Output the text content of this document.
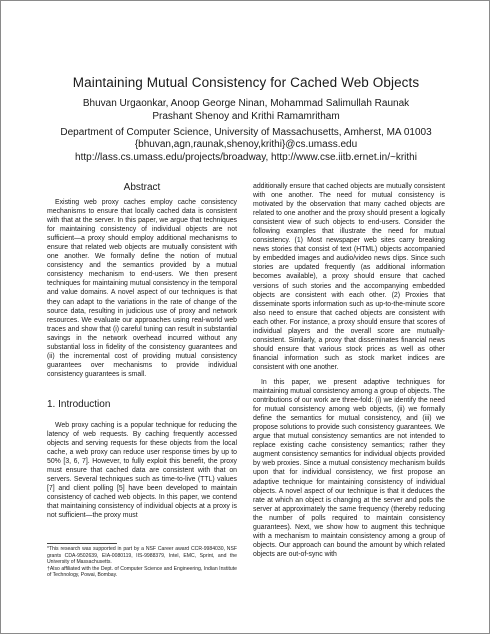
Maintaining Mutual Consistency for Cached Web Objects
Bhuvan Urgaonkar, Anoop George Ninan, Mohammad Salimullah Raunak
Prashant Shenoy and Krithi Ramamritham
Department of Computer Science, University of Massachusetts, Amherst, MA 01003
{bhuvan,agn,raunak,shenoy,krithi}@cs.umass.edu
http://lass.cs.umass.edu/projects/broadway, http://www.cse.iitb.ernet.in/~krithi
Abstract

Existing web proxy caches employ cache consistency mechanisms to ensure that locally cached data is consistent with that at the server. In this paper, we argue that techniques for maintaining consistency of individual objects are not sufficient—a proxy should employ additional mechanisms to ensure that related web objects are mutually consistent with one another. We formally define the notion of mutual consistency and the semantics provided by a mutual consistency mechanism to end-users. We then present techniques for maintaining mutual consistency in the temporal and value domains. A novel aspect of our techniques is that they can adapt to the variations in the rate of change of the source data, resulting in judicious use of proxy and network resources. We evaluate our approaches using real-world web traces and show that (i) careful tuning can result in substantial savings in the network overhead incurred without any substantial loss in fidelity of the consistency guarantees and (ii) the incremental cost of providing mutual consistency guarantees over mechanisms to provide individual consistency guarantees is small.

1. Introduction

Web proxy caching is a popular technique for reducing the latency of web requests. By caching frequently accessed objects and serving requests for these objects from the local cache, a web proxy can reduce user response times by up to 50% [3, 6, 7]. However, to fully exploit this benefit, the proxy must ensure that cached data are consistent with that on servers. Several techniques such as time-to-live (TTL) values [7] and client polling [5] have been developed to maintain consistency of cached web objects. In this paper, we contend that maintaining consistency of individual objects at a proxy is not sufficient—the proxy must

*This research was supported in part by a NSF Career award CCR-9984030, NSF grants CDA-9502639, EIA-0080119, IIS-9988379, Intel, EMC, Sprint, and the University of Massachusetts.

†Also affiliated with the Dept. of Computer Science and Engineering, Indian Institute of Technology, Powai, Bombay.

additionally ensure that cached objects are mutually consistent with one another. The need for mutual consistency is motivated by the observation that many cached objects are related to one another and the proxy should present a logically consistent view of such objects to end-users. Consider the following examples that illustrate the need for mutual consistency. (1) Most newspaper web sites carry breaking news stories that consist of text (HTML) objects accompanied by embedded images and audio/video news clips. Since such stories are updated frequently (as additional information becomes available), a proxy should ensure that cached versions of such stories and the accompanying embedded objects are consistent with each other. (2) Proxies that disseminate sports information such as up-to-the-minute score also need to ensure that cached objects are consistent with each other. For instance, a proxy should ensure that scores of individual players and the overall score are mutually-consistent. Similarly, a proxy that disseminates financial news should ensure that various stock prices as well as other financial information such as stock market indices are consistent with one another.

In this paper, we present adaptive techniques for maintaining mutual consistency among a group of objects. The contributions of our work are three-fold: (i) we identify the need for mutual consistency among web objects, (ii) we formally define the semantics for mutual consistency, and (iii) we propose solutions to provide such consistency guarantees. We argue that mutual consistency semantics are not intended to replace existing cache consistency semantics; rather they augment consistency semantics for individual objects provided by web proxies. Since a mutual consistency mechanism builds upon that for individual consistency, we first propose an adaptive technique for maintaining consistency of individual objects. A novel aspect of our technique is that it deduces the rate at which an object is changing at the server and polls the server at approximately the same frequency (thereby reducing the number of polls required to maintain consistency guarantees). Next, we show how to augment this technique with a mechanism to maintain consistency among a group of objects. Our approach can bound the amount by which related objects are out-of-sync with
